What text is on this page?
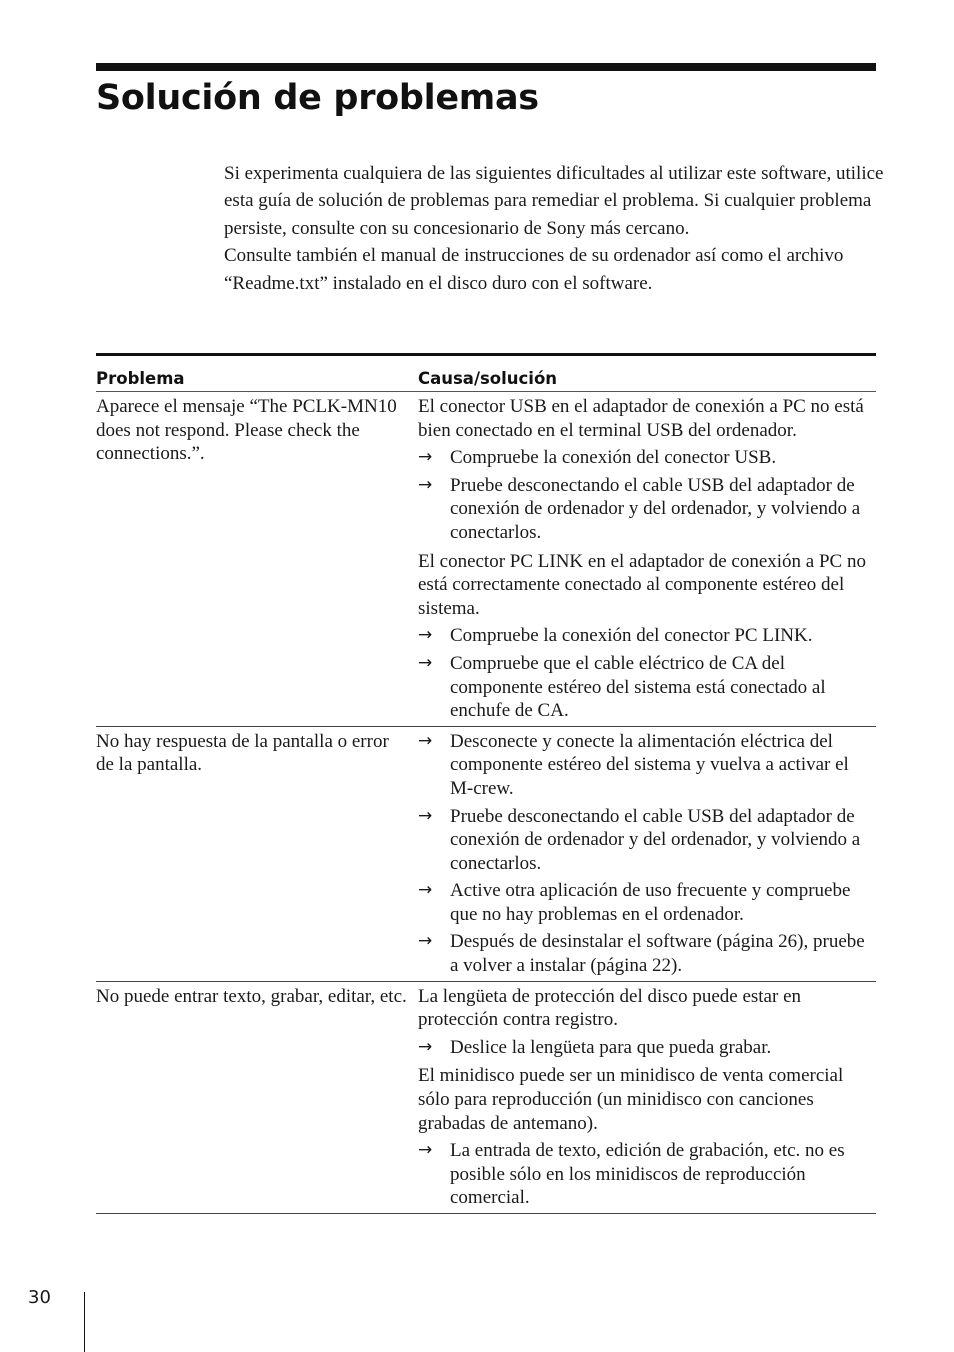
Solución de problemas

Si experimenta cualquiera de las siguientes dificultades al utilizar este software, utilice esta guía de solución de problemas para remediar el problema. Si cualquier problema persiste, consulte con su concesionario de Sony más cercano.

Consulte también el manual de instrucciones de su ordenador así como el archivo “Readme.txt” instalado en el disco duro con el software.

Problema	Causa/solución
Aparece el mensaje “The PCLK-MN10 does not respond. Please check the connections.”.

El conector USB en el adaptador de conexión a PC no está bien conectado en el terminal USB del ordenador.

→ Compruebe la conexión del conector USB.
→ Pruebe desconectando el cable USB del adaptador de conexión de ordenador y del ordenador, y volviendo a conectarlos.

El conector PC LINK en el adaptador de conexión a PC no está correctamente conectado al componente estéreo del sistema.

→ Compruebe la conexión del conector PC LINK.
→ Compruebe que el cable eléctrico de CA del componente estéreo del sistema está conectado al enchufe de CA.
No hay respuesta de la pantalla o error de la pantalla.
→ Desconecte y conecte la alimentación eléctrica del componente estéreo del sistema y vuelva a activar el M-crew.
→ Pruebe desconectando el cable USB del adaptador de conexión de ordenador y del ordenador, y volviendo a conectarlos.
→ Active otra aplicación de uso frecuente y compruebe que no hay problemas en el ordenador.
→ Después de desinstalar el software (página 26), pruebe a volver a instalar (página 22).
No puede entrar texto, grabar, editar, etc. La lengüeta de protección del disco puede estar en protección contra registro.

→ Deslice la lengüeta para que pueda grabar.

El minidisco puede ser un minidisco de venta comercial sólo para reproducción (un minidisco con canciones grabadas de antemano).

→ La entrada de texto, edición de grabación, etc. no es posible sólo en los minidiscos de reproducción comercial.
30
